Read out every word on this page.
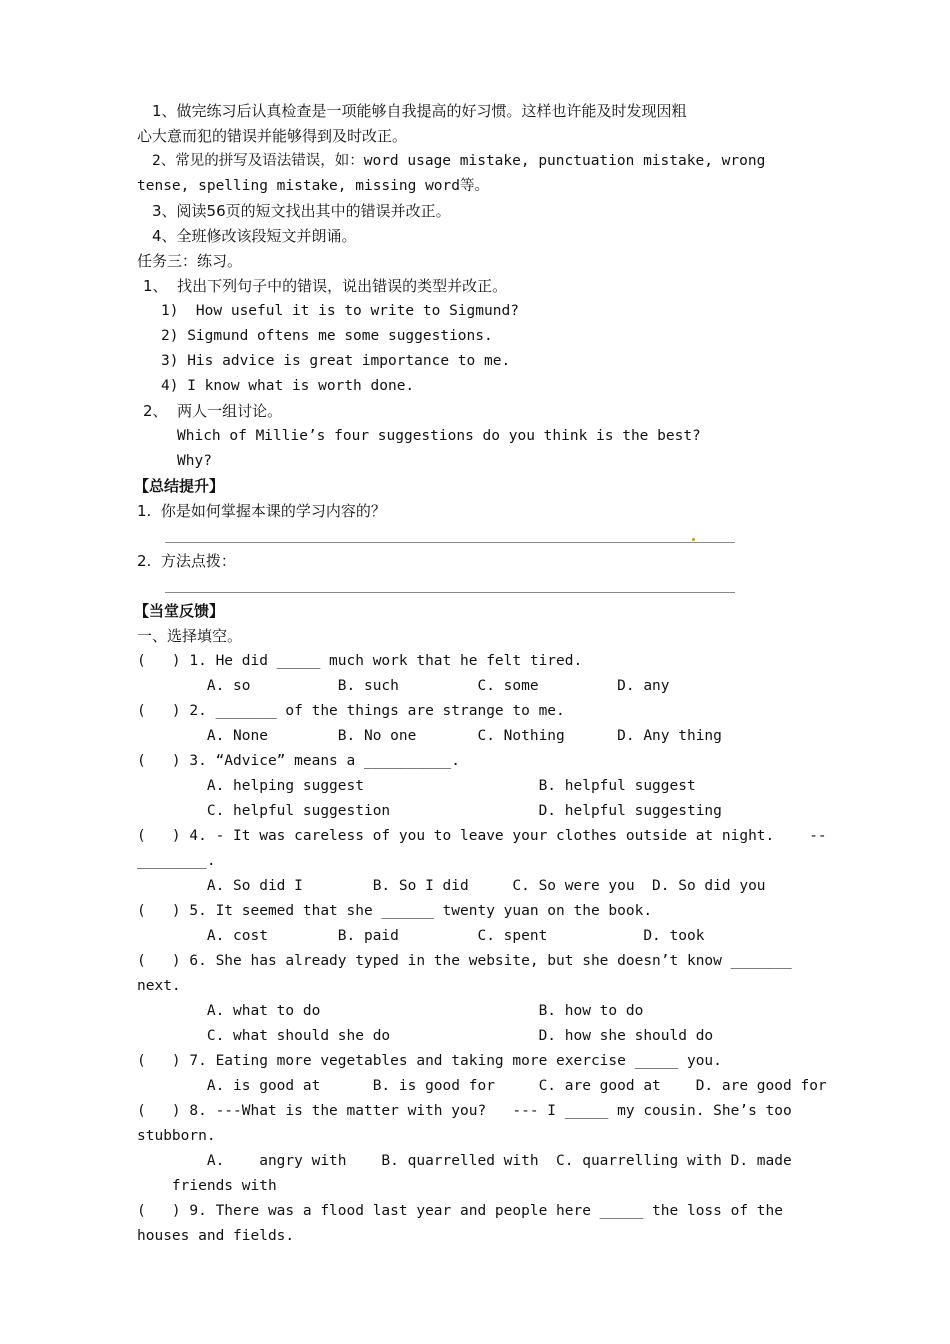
1、做完练习后认真检查是一项能够自我提高的好习惯。这样也许能及时发现因粗
心大意而犯的错误并能够得到及时改正。
2、常见的拼写及语法错误，如：word usage mistake, punctuation mistake, wrong
tense, spelling mistake, missing word等。
3、阅读56页的短文找出其中的错误并改正。
4、全班修改该段短文并朗诵。
任务三：练习。
1、  找出下列句子中的错误，说出错误的类型并改正。
1)  How useful it is to write to Sigmund?
2) Sigmund oftens me some suggestions.
3) His advice is great importance to me.
4) I know what is worth done.
2、  两人一组讨论。
Which of Millie’s four suggestions do you think is the best?
Why?
【总结提升】
1.  你是如何掌握本课的学习内容的？
2.  方法点拨：
【当堂反馈】
一、选择填空。
(   ) 1. He did _____ much work that he felt tired.
A. so          B. such         C. some         D. any
(   ) 2. _______ of the things are strange to me.
A. None        B. No one       C. Nothing      D. Any thing
(   ) 3. “Advice” means a __________.
A. helping suggest                    B. helpful suggest
C. helpful suggestion                 D. helpful suggesting
(   ) 4. - It was careless of you to leave your clothes outside at night.    --
________.
A. So did I        B. So I did     C. So were you  D. So did you
(   ) 5. It seemed that she ______ twenty yuan on the book.
A. cost        B. paid         C. spent           D. took
(   ) 6. She has already typed in the website, but she doesn’t know _______
next.
A. what to do                         B. how to do
C. what should she do                 D. how she should do
(   ) 7. Eating more vegetables and taking more exercise _____ you.
A. is good at      B. is good for     C. are good at    D. are good for
(   ) 8. ---What is the matter with you?   --- I _____ my cousin. She’s too
stubborn.
A.    angry with    B. quarrelled with  C. quarrelling with D. made
friends with
(   ) 9. There was a flood last year and people here _____ the loss of the
houses and fields.
